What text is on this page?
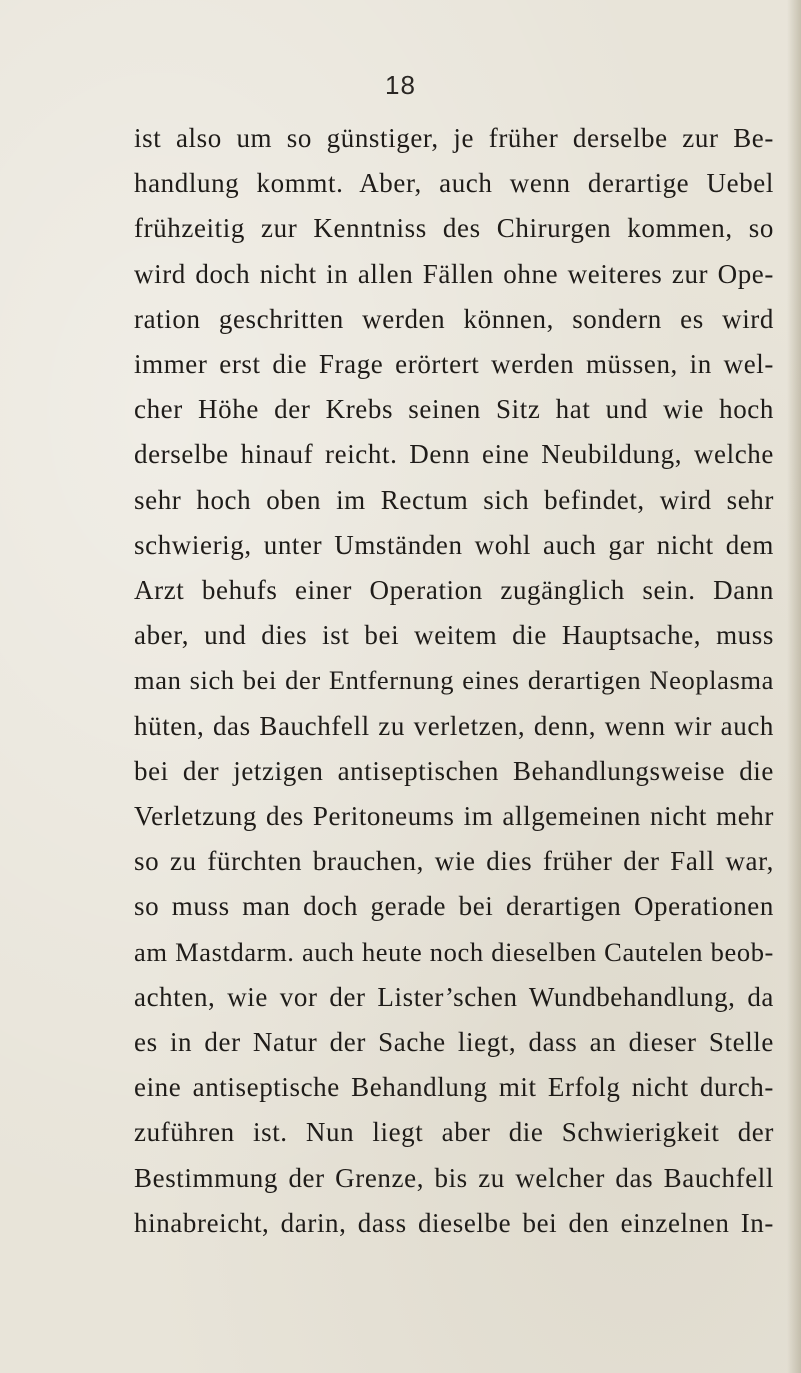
18
ist also um so günstiger, je früher derselbe zur Be-
handlung kommt. Aber, auch wenn derartige Uebel
frühzeitig zur Kenntniss des Chirurgen kommen, so
wird doch nicht in allen Fällen ohne weiteres zur Ope-
ration geschritten werden können, sondern es wird
immer erst die Frage erörtert werden müssen, in wel-
cher Höhe der Krebs seinen Sitz hat und wie hoch
derselbe hinauf reicht. Denn eine Neubildung, welche
sehr hoch oben im Rectum sich befindet, wird sehr
schwierig, unter Umständen wohl auch gar nicht dem
Arzt behufs einer Operation zugänglich sein. Dann
aber, und dies ist bei weitem die Hauptsache, muss
man sich bei der Entfernung eines derartigen Neoplasma
hüten, das Bauchfell zu verletzen, denn, wenn wir auch
bei der jetzigen antiseptischen Behandlungsweise die
Verletzung des Peritoneums im allgemeinen nicht mehr
so zu fürchten brauchen, wie dies früher der Fall war,
so muss man doch gerade bei derartigen Operationen
am Mastdarm. auch heute noch dieselben Cautelen beob-
achten, wie vor der Lister’schen Wundbehandlung, da
es in der Natur der Sache liegt, dass an dieser Stelle
eine antiseptische Behandlung mit Erfolg nicht durch-
zuführen ist. Nun liegt aber die Schwierigkeit der
Bestimmung der Grenze, bis zu welcher das Bauchfell
hinabreicht, darin, dass dieselbe bei den einzelnen In-
